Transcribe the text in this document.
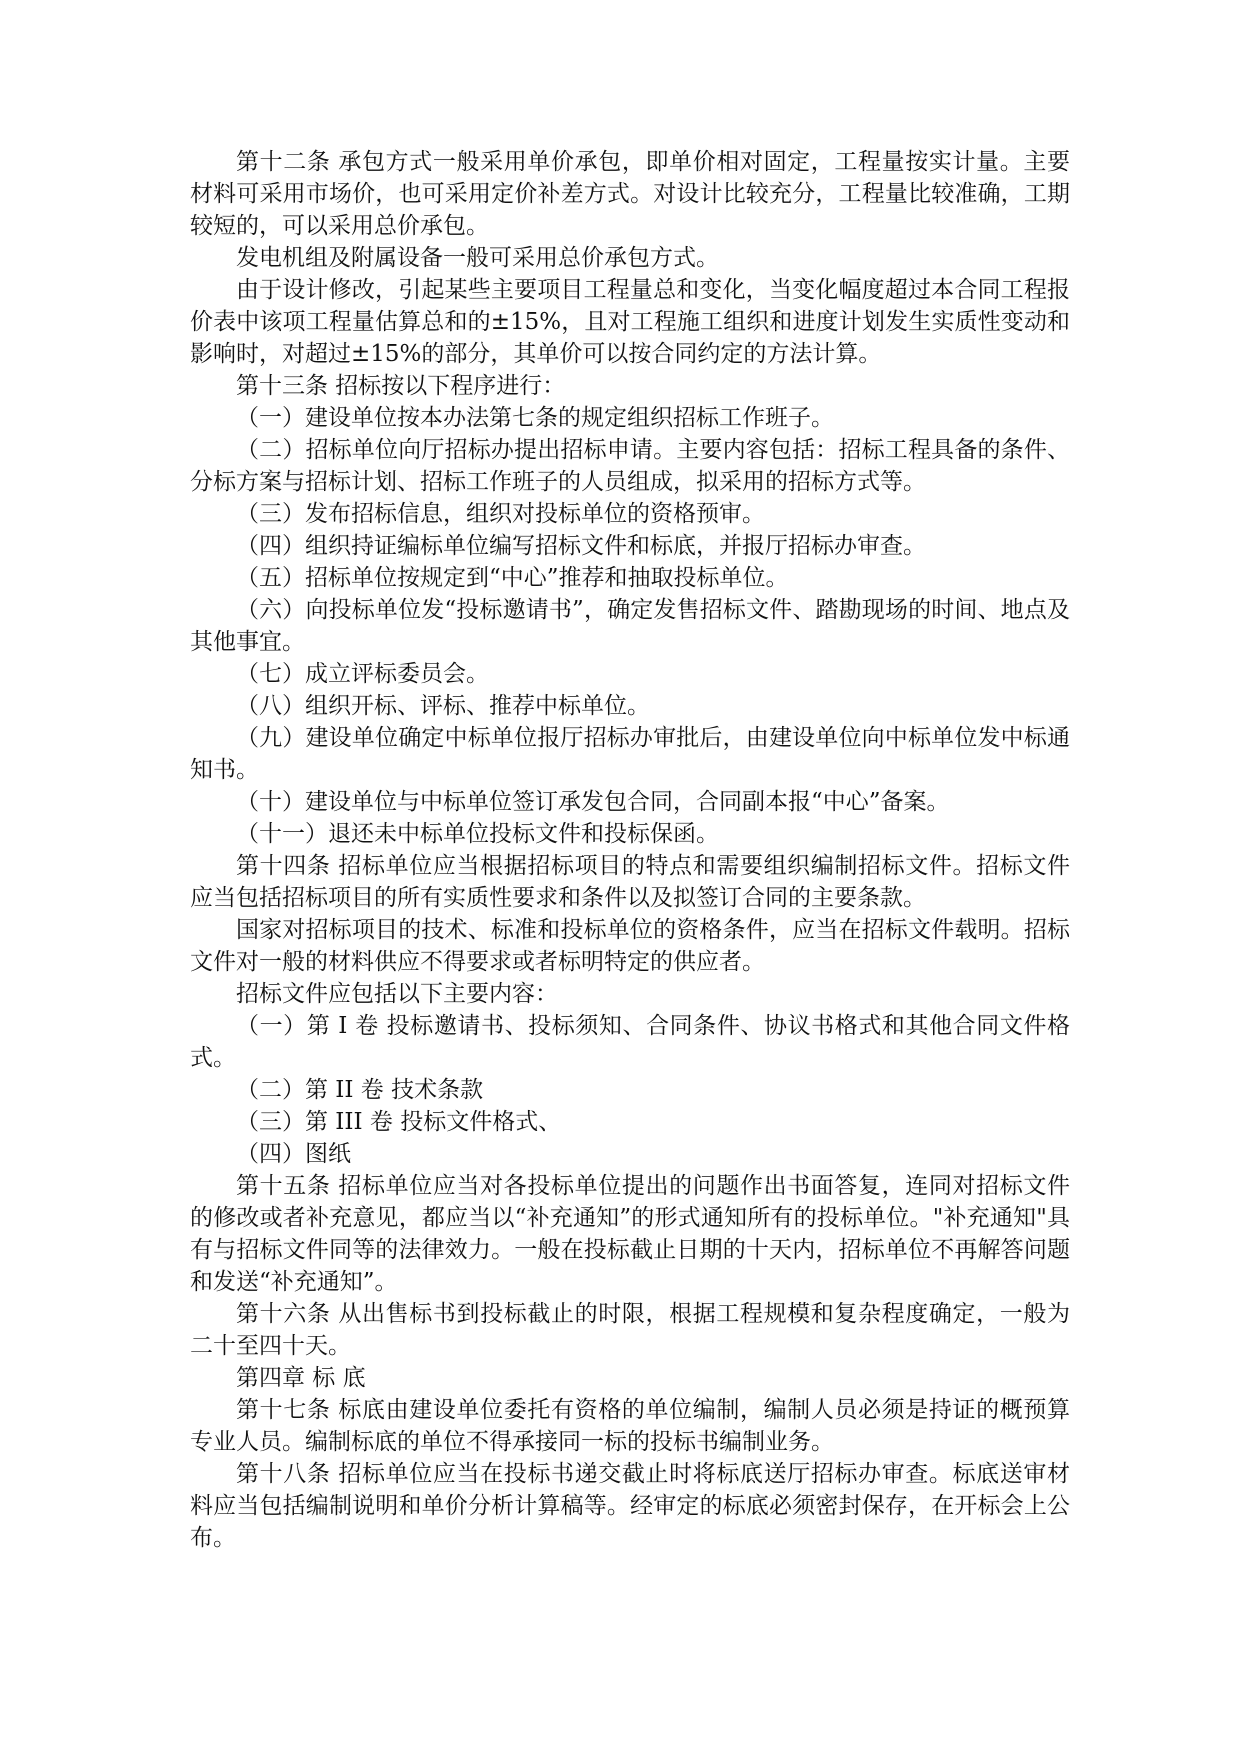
第十二条 承包方式一般采用单价承包，即单价相对固定，工程量按实计量。主要材料可采用市场价，也可采用定价补差方式。对设计比较充分，工程量比较准确，工期较短的，可以采用总价承包。

发电机组及附属设备一般可采用总价承包方式。

由于设计修改，引起某些主要项目工程量总和变化，当变化幅度超过本合同工程报价表中该项工程量估算总和的±15%，且对工程施工组织和进度计划发生实质性变动和影响时，对超过±15%的部分，其单价可以按合同约定的方法计算。

第十三条 招标按以下程序进行：

（一）建设单位按本办法第七条的规定组织招标工作班子。

（二）招标单位向厅招标办提出招标申请。主要内容包括：招标工程具备的条件、分标方案与招标计划、招标工作班子的人员组成，拟采用的招标方式等。

（三）发布招标信息，组织对投标单位的资格预审。

（四）组织持证编标单位编写招标文件和标底，并报厅招标办审查。

（五）招标单位按规定到“中心”推荐和抽取投标单位。

（六）向投标单位发“投标邀请书”，确定发售招标文件、踏勘现场的时间、地点及其他事宜。

（七）成立评标委员会。

（八）组织开标、评标、推荐中标单位。

（九）建设单位确定中标单位报厅招标办审批后，由建设单位向中标单位发中标通知书。

（十）建设单位与中标单位签订承发包合同，合同副本报“中心”备案。

（十一）退还未中标单位投标文件和投标保函。

第十四条 招标单位应当根据招标项目的特点和需要组织编制招标文件。招标文件应当包括招标项目的所有实质性要求和条件以及拟签订合同的主要条款。

国家对招标项目的技术、标准和投标单位的资格条件，应当在招标文件载明。招标文件对一般的材料供应不得要求或者标明特定的供应者。

招标文件应包括以下主要内容：

（一）第 I 卷 投标邀请书、投标须知、合同条件、协议书格式和其他合同文件格式。

（二）第 II 卷 技术条款

（三）第 III 卷 投标文件格式、

（四）图纸

第十五条 招标单位应当对各投标单位提出的问题作出书面答复，连同对招标文件的修改或者补充意见，都应当以“补充通知”的形式通知所有的投标单位。"补充通知"具有与招标文件同等的法律效力。一般在投标截止日期的十天内，招标单位不再解答问题和发送“补充通知”。

第十六条 从出售标书到投标截止的时限，根据工程规模和复杂程度确定，一般为二十至四十天。

第四章 标 底

第十七条 标底由建设单位委托有资格的单位编制，编制人员必须是持证的概预算专业人员。编制标底的单位不得承接同一标的投标书编制业务。

第十八条 招标单位应当在投标书递交截止时将标底送厅招标办审查。标底送审材料应当包括编制说明和单价分析计算稿等。经审定的标底必须密封保存，在开标会上公布。
